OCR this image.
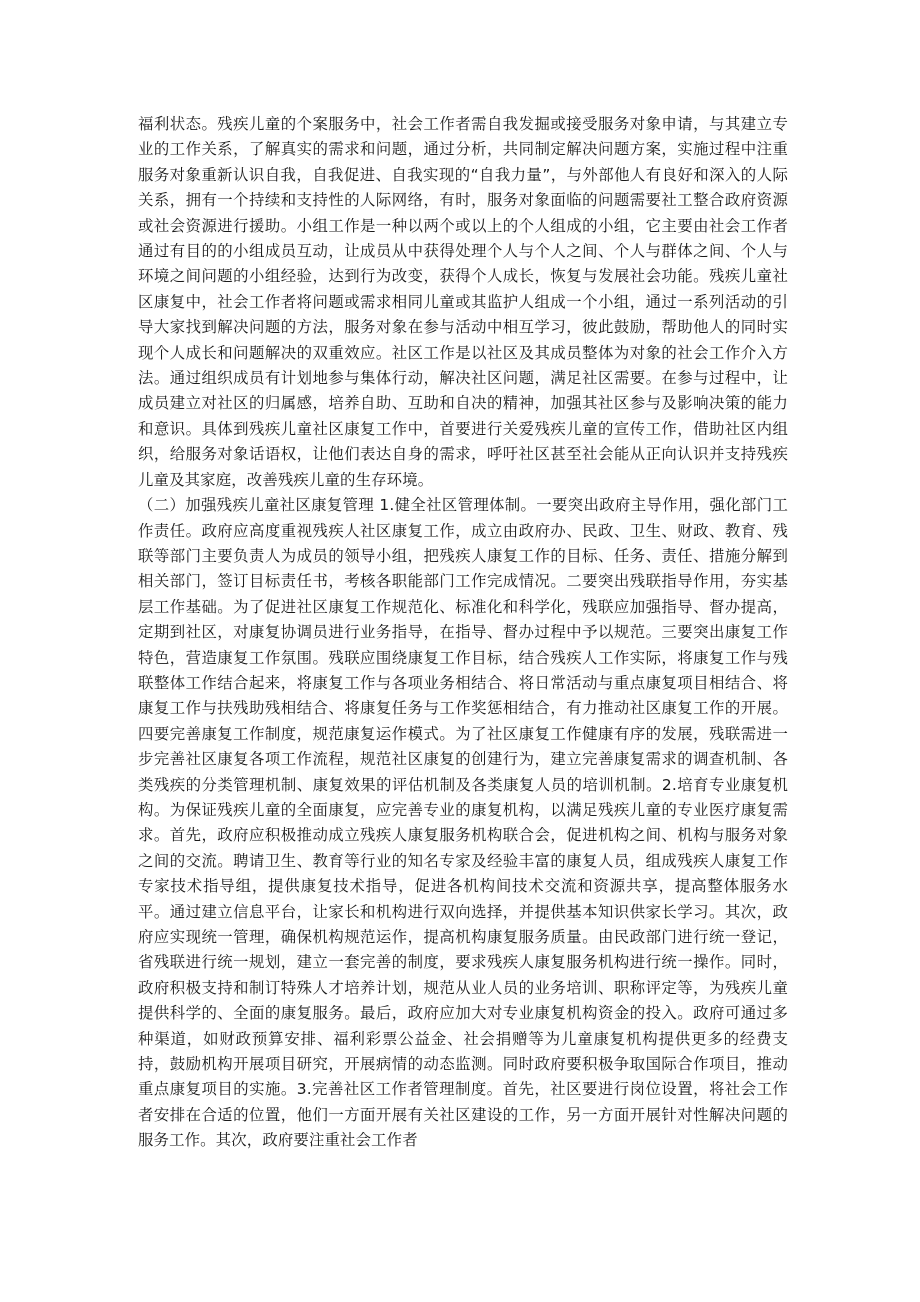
福利状态。残疾儿童的个案服务中，社会工作者需自我发掘或接受服务对象申请，与其建立专业的工作关系，了解真实的需求和问题，通过分析，共同制定解决问题方案，实施过程中注重服务对象重新认识自我，自我促进、自我实现的“自我力量”，与外部他人有良好和深入的人际关系，拥有一个持续和支持性的人际网络，有时，服务对象面临的问题需要社工整合政府资源或社会资源进行援助。小组工作是一种以两个或以上的个人组成的小组，它主要由社会工作者通过有目的的小组成员互动，让成员从中获得处理个人与个人之间、个人与群体之间、个人与环境之间问题的小组经验，达到行为改变，获得个人成长，恢复与发展社会功能。残疾儿童社区康复中，社会工作者将问题或需求相同儿童或其监护人组成一个小组，通过一系列活动的引导大家找到解决问题的方法，服务对象在参与活动中相互学习，彼此鼓励，帮助他人的同时实现个人成长和问题解决的双重效应。社区工作是以社区及其成员整体为对象的社会工作介入方法。通过组织成员有计划地参与集体行动，解决社区问题，满足社区需要。在参与过程中，让成员建立对社区的归属感，培养自助、互助和自决的精神，加强其社区参与及影响决策的能力和意识。具体到残疾儿童社区康复工作中，首要进行关爱残疾儿童的宣传工作，借助社区内组织，给服务对象话语权，让他们表达自身的需求，呼吁社区甚至社会能从正向认识并支持残疾儿童及其家庭，改善残疾儿童的生存环境。

（二）加强残疾儿童社区康复管理 1.健全社区管理体制。一要突出政府主导作用，强化部门工作责任。政府应高度重视残疾人社区康复工作，成立由政府办、民政、卫生、财政、教育、残联等部门主要负责人为成员的领导小组，把残疾人康复工作的目标、任务、责任、措施分解到相关部门，签订目标责任书，考核各职能部门工作完成情况。二要突出残联指导作用，夯实基层工作基础。为了促进社区康复工作规范化、标准化和科学化，残联应加强指导、督办提高，定期到社区，对康复协调员进行业务指导，在指导、督办过程中予以规范。三要突出康复工作特色，营造康复工作氛围。残联应围绕康复工作目标，结合残疾人工作实际，将康复工作与残联整体工作结合起来，将康复工作与各项业务相结合、将日常活动与重点康复项目相结合、将康复工作与扶残助残相结合、将康复任务与工作奖惩相结合，有力推动社区康复工作的开展。四要完善康复工作制度，规范康复运作模式。为了社区康复工作健康有序的发展，残联需进一步完善社区康复各项工作流程，规范社区康复的创建行为，建立完善康复需求的调查机制、各类残疾的分类管理机制、康复效果的评估机制及各类康复人员的培训机制。2.培育专业康复机构。为保证残疾儿童的全面康复，应完善专业的康复机构，以满足残疾儿童的专业医疗康复需求。首先，政府应积极推动成立残疾人康复服务机构联合会，促进机构之间、机构与服务对象之间的交流。聘请卫生、教育等行业的知名专家及经验丰富的康复人员，组成残疾人康复工作专家技术指导组，提供康复技术指导，促进各机构间技术交流和资源共享，提高整体服务水平。通过建立信息平台，让家长和机构进行双向选择，并提供基本知识供家长学习。其次，政府应实现统一管理，确保机构规范运作，提高机构康复服务质量。由民政部门进行统一登记，省残联进行统一规划，建立一套完善的制度，要求残疾人康复服务机构进行统一操作。同时，政府积极支持和制订特殊人才培养计划，规范从业人员的业务培训、职称评定等，为残疾儿童提供科学的、全面的康复服务。最后，政府应加大对专业康复机构资金的投入。政府可通过多种渠道，如财政预算安排、福利彩票公益金、社会捐赠等为儿童康复机构提供更多的经费支持，鼓励机构开展项目研究，开展病情的动态监测。同时政府要积极争取国际合作项目，推动重点康复项目的实施。3.完善社区工作者管理制度。首先，社区要进行岗位设置，将社会工作者安排在合适的位置，他们一方面开展有关社区建设的工作，另一方面开展针对性解决问题的服务工作。其次，政府要注重社会工作者
